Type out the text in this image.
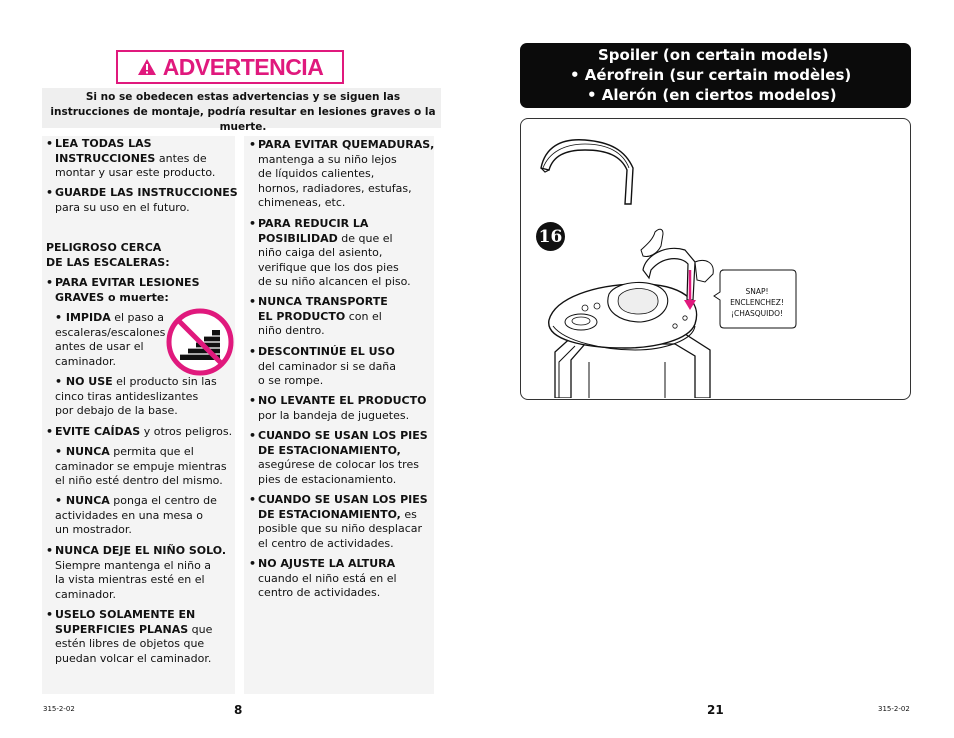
ADVERTENCIA
Si no se obedecen estas advertencias y se siguen las instrucciones de montaje, podría resultar en lesiones graves o la muerte.
• LEA TODAS LAS
INSTRUCCIONES antes de
montar y usar este producto.
GUARDE LAS INSTRUCCIONES
•
para su uso en el futuro.
PELIGROSO CERCA
DE LAS ESCALERAS:
• PARA EVITAR LESIONES
GRAVES o muerte:
• IMPIDA el paso a
escaleras/escalones
antes de usar el
caminador.
• NO USE el producto sin las
cinco tiras antideslizantes
por debajo de la base.
• EVITE CAÍDAS y otros peligros.
• NUNCA permita que el
caminador se empuje mientras
el niño esté dentro del mismo.
• NUNCA ponga el centro de
actividades en una mesa o
un mostrador.
• NUNCA DEJE EL NIÑO SOLO.
Siempre mantenga el niño a
la vista mientras esté en el
caminador.
• USELO SOLAMENTE EN
SUPERFICIES PLANAS que
estén libres de objetos que
puedan volcar el caminador.
• PARA EVITAR QUEMADURAS,
mantenga a su niño lejos
de líquidos calientes,
hornos, radiadores, estufas,
chimeneas, etc.
• PARA REDUCIR LA
POSIBILIDAD de que el
niño caiga del asiento,
verifique que los dos pies
de su niño alcancen el piso.
• NUNCA TRANSPORTE
EL PRODUCTO con el
niño dentro.
• DESCONTINÚE EL USO
del caminador si se daña
o se rompe.
• NO LEVANTE EL PRODUCTO
por la bandeja de juguetes.
• CUANDO SE USAN LOS PIES
DE ESTACIONAMIENTO,
asegúrese de colocar los tres
pies de estacionamiento.
• CUANDO SE USAN LOS PIES
DE ESTACIONAMIENTO, es
posible que su niño desplacar
el centro de actividades.
• NO AJUSTE LA ALTURA
cuando el niño está en el
centro de actividades.
315-2-02	8
Spoiler (on certain models)
• Aérofrein (sur certain modèles)
• Alerón (en ciertos modelos)
16
SNAP!
ENCLENCHEZ!
¡CHASQUIDO!
21	315-2-02
